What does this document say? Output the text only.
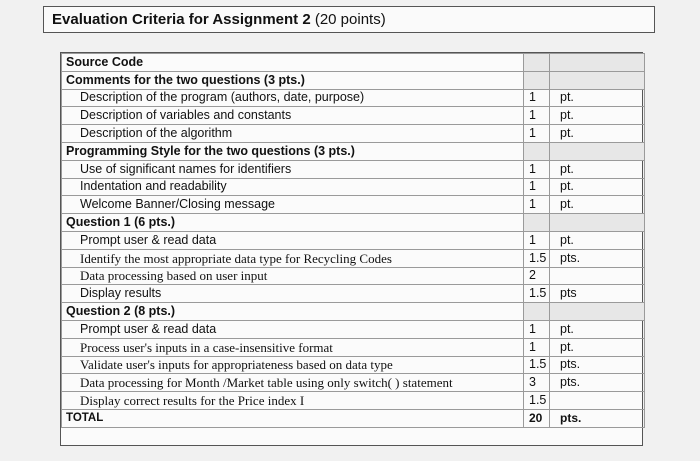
Evaluation Criteria for Assignment 2 (20 points)
Source Code		
Comments for the two questions (3 pts.)		
Description of the program (authors, date, purpose)	1	pt.
Description of variables and constants	1	pt.
Description of the algorithm	1	pt.
Programming Style for the two questions (3 pts.)		
Use of significant names for identifiers	1	pt.
Indentation and readability	1	pt.
Welcome Banner/Closing message	1	pt.
Question 1 (6 pts.)		
Prompt user & read data	1	pt.
Identify the most appropriate data type for Recycling Codes	1.5	pts.
Data processing based on user input	2	
Display results	1.5	pts
Question 2 (8 pts.)		
Prompt user & read data	1	pt.
Process user's inputs in a case-insensitive format	1	pt.
Validate user's inputs for appropriateness based on data type	1.5	pts.
Data processing for Month /Market table using only switch( ) statement	3	pts.
Display correct results for the Price index I	1.5	
TOTAL	20	pts.
